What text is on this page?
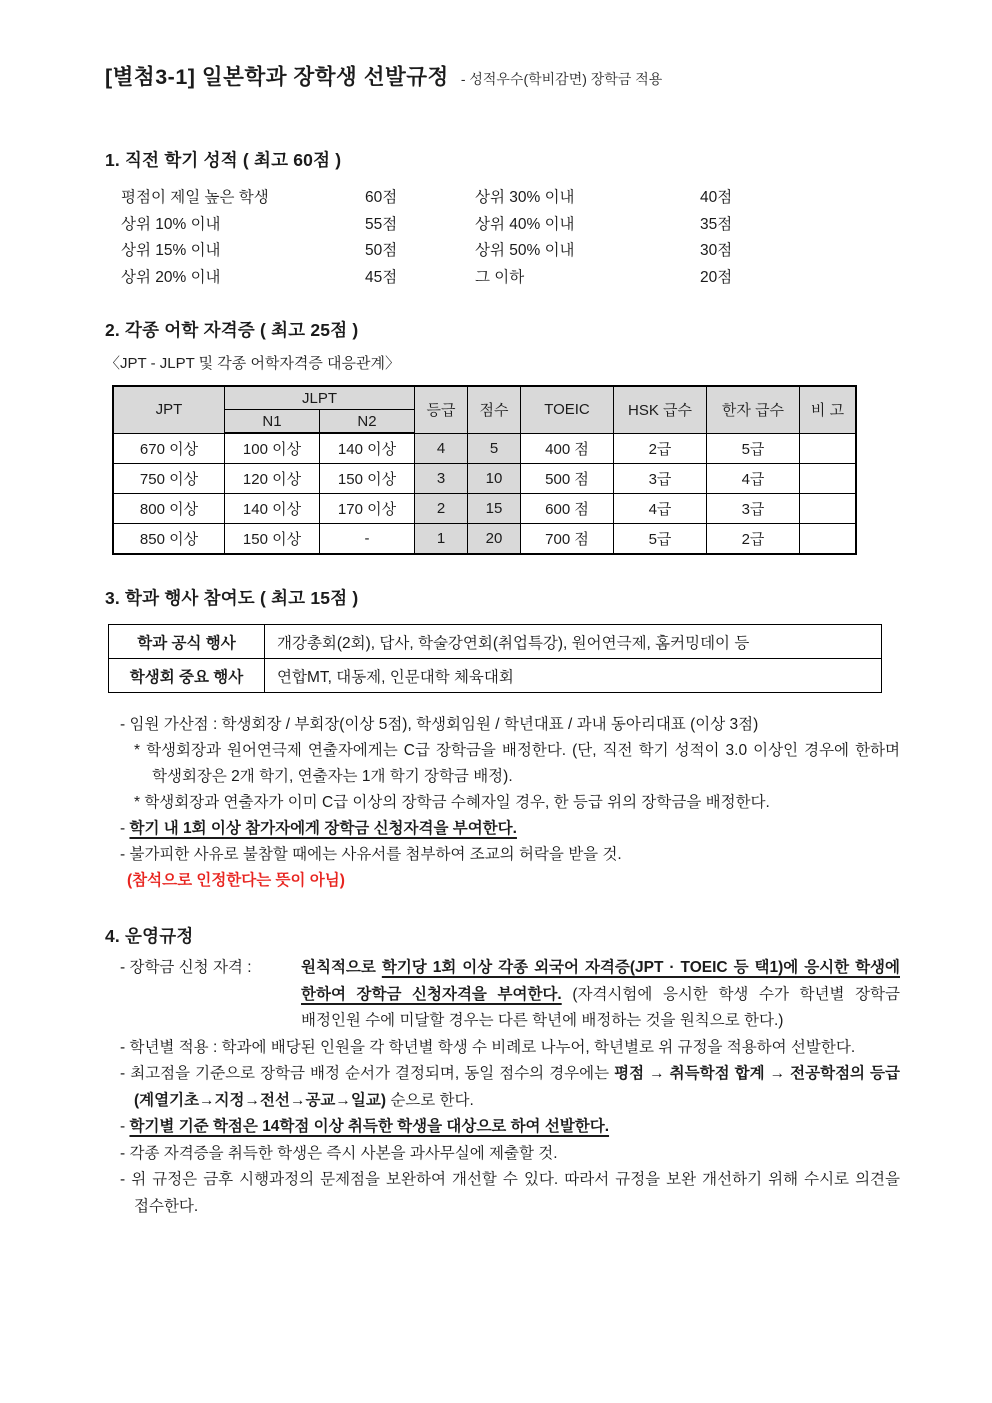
[별첨3-1] 일본학과 장학생 선발규정 - 성적우수(학비감면) 장학금 적용
1. 직전 학기 성적 ( 최고 60점 )
평점이 제일 높은 학생	60점	상위 30% 이내	40점
상위 10% 이내	55점	상위 40% 이내	35점
상위 15% 이내	50점	상위 50% 이내	30점
상위 20% 이내	45점	그 이하	20점
2. 각종 어학 자격증 ( 최고 25점 )
〈JPT - JLPT 및 각종 어학자격증 대응관계〉
JPT	JLPT		등급	점수	TOEIC	HSK 급수	한자 급수	비 고
	N1	N2						
670 이상	100 이상	140 이상	4	5	400 점	2급	5급	
750 이상	120 이상	150 이상	3	10	500 점	3급	4급	
800 이상	140 이상	170 이상	2	15	600 점	4급	3급	
850 이상	150 이상	-	1	20	700 점	5급	2급	
3. 학과 행사 참여도 ( 최고 15점 )
학과 공식 행사	개강총회(2회), 답사, 학술강연회(취업특강), 원어연극제, 홈커밍데이 등
학생회 중요 행사	연합MT, 대동제, 인문대학 체육대회

- 임원 가산점 : 학생회장 / 부회장(이상 5점), 학생회임원 / 학년대표 / 과내 동아리대표 (이상 3점)

* 학생회장과 원어연극제 연출자에게는 C급 장학금을 배정한다. (단, 직전 학기 성적이 3.0 이상인 경우에 한하며 학생회장은 2개 학기, 연출자는 1개 학기 장학금 배정).

* 학생회장과 연출자가 이미 C급 이상의 장학금 수혜자일 경우, 한 등급 위의 장학금을 배정한다.

- 학기 내 1회 이상 참가자에게 장학금 신청자격을 부여한다.

- 불가피한 사유로 불참할 때에는 사유서를 첨부하여 조교의 허락을 받을 것.

(참석으로 인정한다는 뜻이 아님)

4. 운영규정
- 장학금 신청 자격 :	원칙적으로 학기당 1회 이상 각종 외국어 자격증(JPT · TOEIC 등 택1)에 응시한 학생에 한하여 장학금 신청자격을 부여한다. (자격시험에 응시한 학생 수가 학년별 장학금 배정인원 수에 미달할 경우는 다른 학년에 배정하는 것을 원칙으로 한다.)

- 학년별 적용 : 학과에 배당된 인원을 각 학년별 학생 수 비례로 나누어, 학년별로 위 규정을 적용하여 선발한다.

- 최고점을 기준으로 장학금 배정 순서가 결정되며, 동일 점수의 경우에는 평점 → 취득학점 합계 → 전공학점의 등급 (계열기초→지정→전선→공교→일교) 순으로 한다.

- 학기별 기준 학점은 14학점 이상 취득한 학생을 대상으로 하여 선발한다.

- 각종 자격증을 취득한 학생은 즉시 사본을 과사무실에 제출할 것.

- 위 규정은 금후 시행과정의 문제점을 보완하여 개선할 수 있다. 따라서 규정을 보완 개선하기 위해 수시로 의견을 접수한다.
